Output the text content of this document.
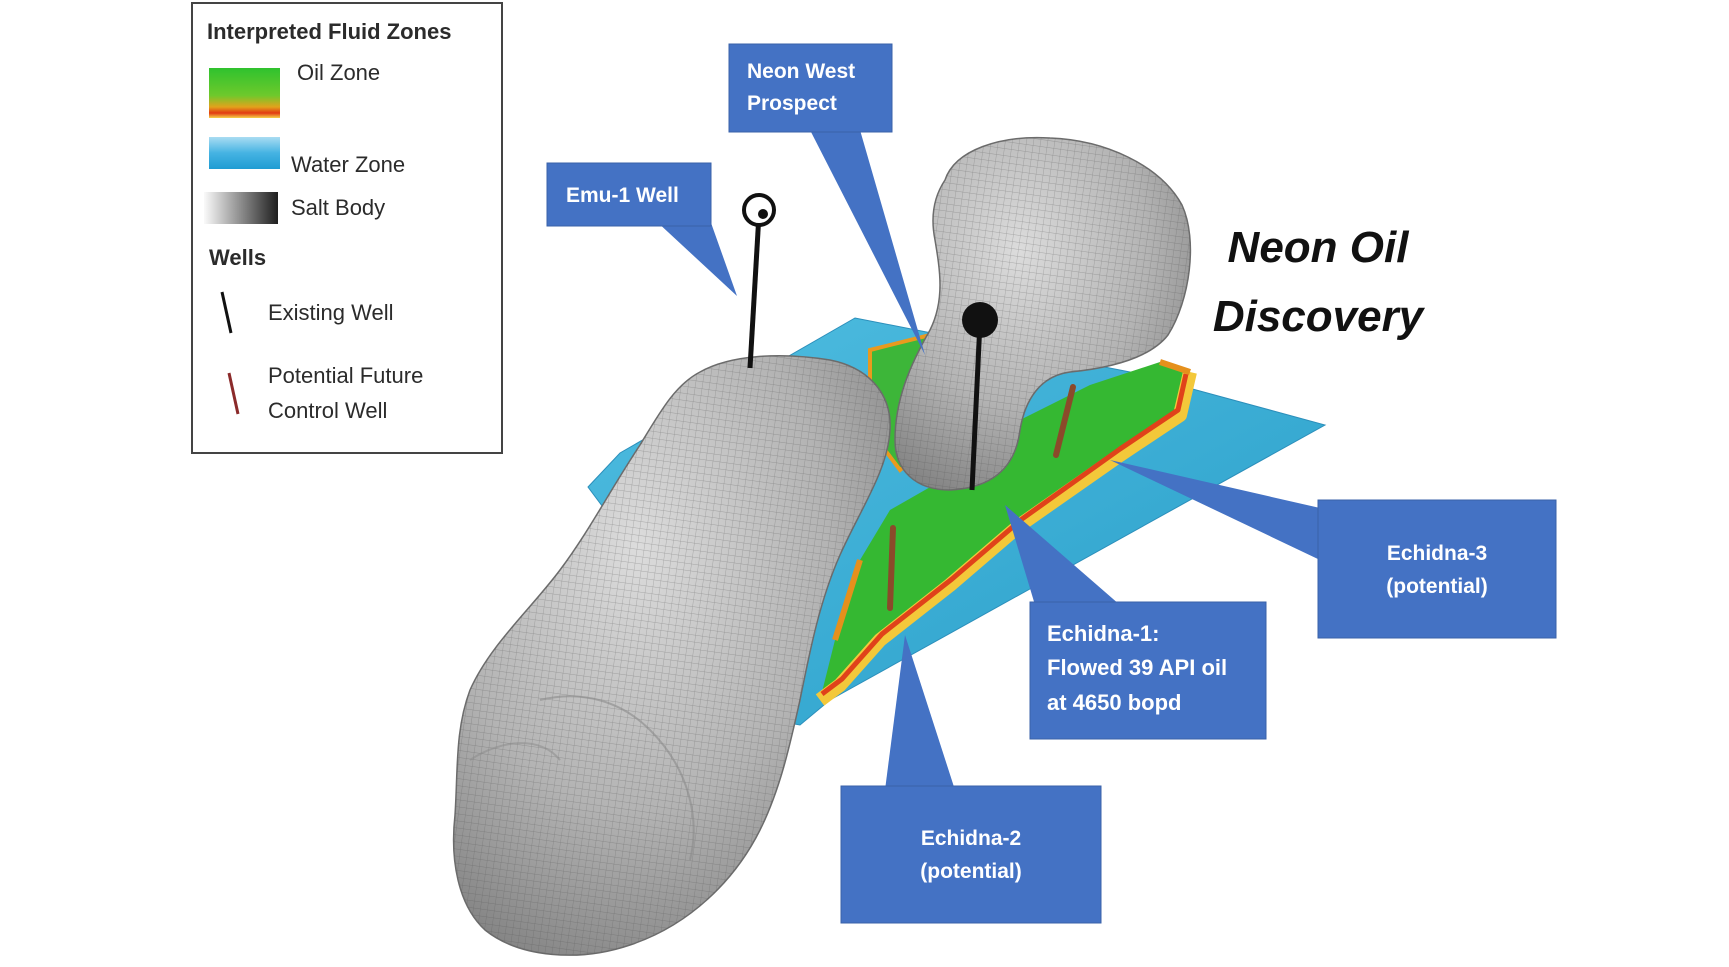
Interpreted Fluid Zones
Oil Zone
Water Zone
Salt Body
Wells
Existing Well
Potential Future
Control Well
Neon Oil
Discovery
Neon West
Prospect
Emu-1 Well
Echidna-3
(potential)
Echidna-1:
Flowed 39 API oil
at 4650 bopd
Echidna-2
(potential)
